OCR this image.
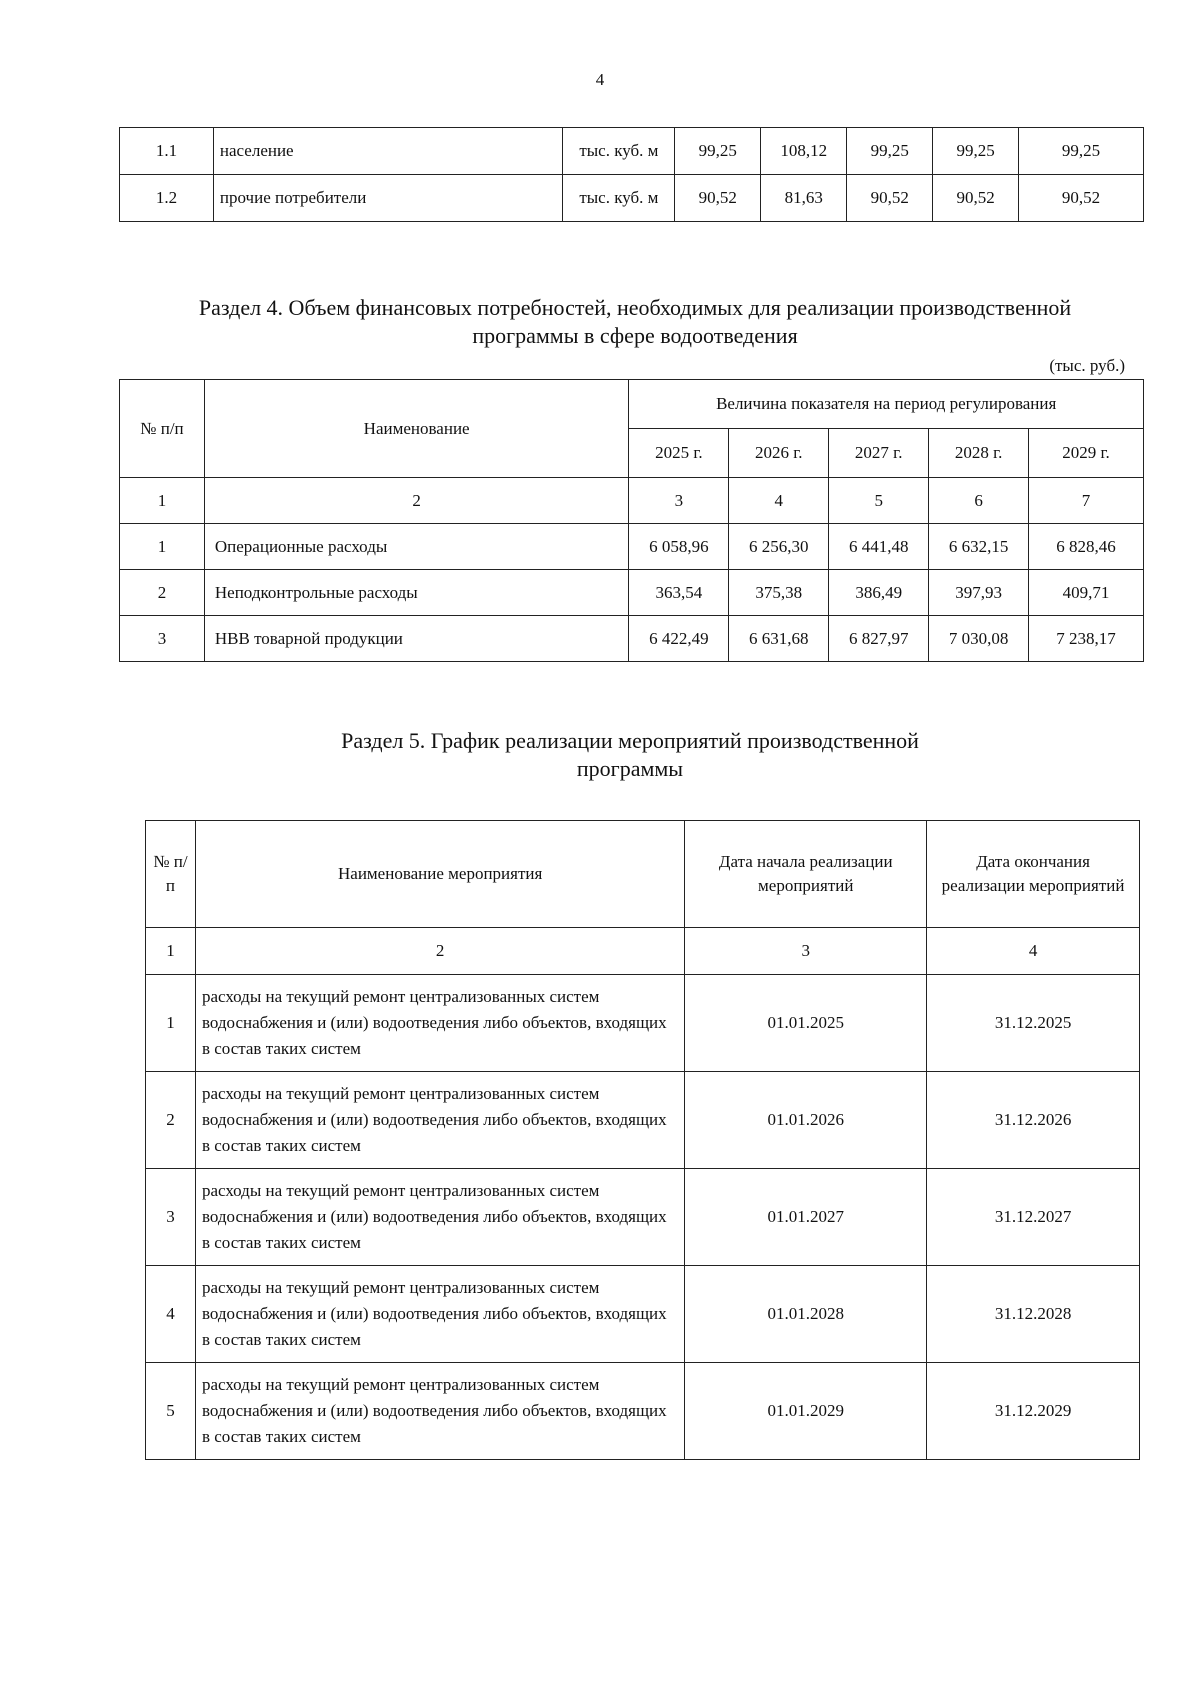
4
1.1	население	тыс. куб. м	99,25	108,12	99,25	99,25	99,25
1.2	прочие потребители	тыс. куб. м	90,52	81,63	90,52	90,52	90,52
Раздел 4. Объем финансовых потребностей, необходимых для реализации производственной программы в сфере водоотведения
(тыс. руб.)
№ п/п	Наименование	Величина показателя на период регулирования				
		2025 г.	2026 г.	2027 г.	2028 г.	2029 г.
1	2	3	4	5	6	7
1	Операционные расходы	6 058,96	6 256,30	6 441,48	6 632,15	6 828,46
2	Неподконтрольные расходы	363,54	375,38	386,49	397,93	409,71
3	НВВ товарной продукции	6 422,49	6 631,68	6 827,97	7 030,08	7 238,17
Раздел 5. График реализации мероприятий производственной программы
№ п/п	Наименование мероприятия	Дата начала реализации мероприятий	Дата окончания реализации мероприятий
1	2	3	4
1	расходы на текущий ремонт централизованных систем водоснабжения и (или) водоотведения либо объектов, входящих в состав таких систем	01.01.2025	31.12.2025
2	расходы на текущий ремонт централизованных систем водоснабжения и (или) водоотведения либо объектов, входящих в состав таких систем	01.01.2026	31.12.2026
3	расходы на текущий ремонт централизованных систем водоснабжения и (или) водоотведения либо объектов, входящих в состав таких систем	01.01.2027	31.12.2027
4	расходы на текущий ремонт централизованных систем водоснабжения и (или) водоотведения либо объектов, входящих в состав таких систем	01.01.2028	31.12.2028
5	расходы на текущий ремонт централизованных систем водоснабжения и (или) водоотведения либо объектов, входящих в состав таких систем	01.01.2029	31.12.2029
